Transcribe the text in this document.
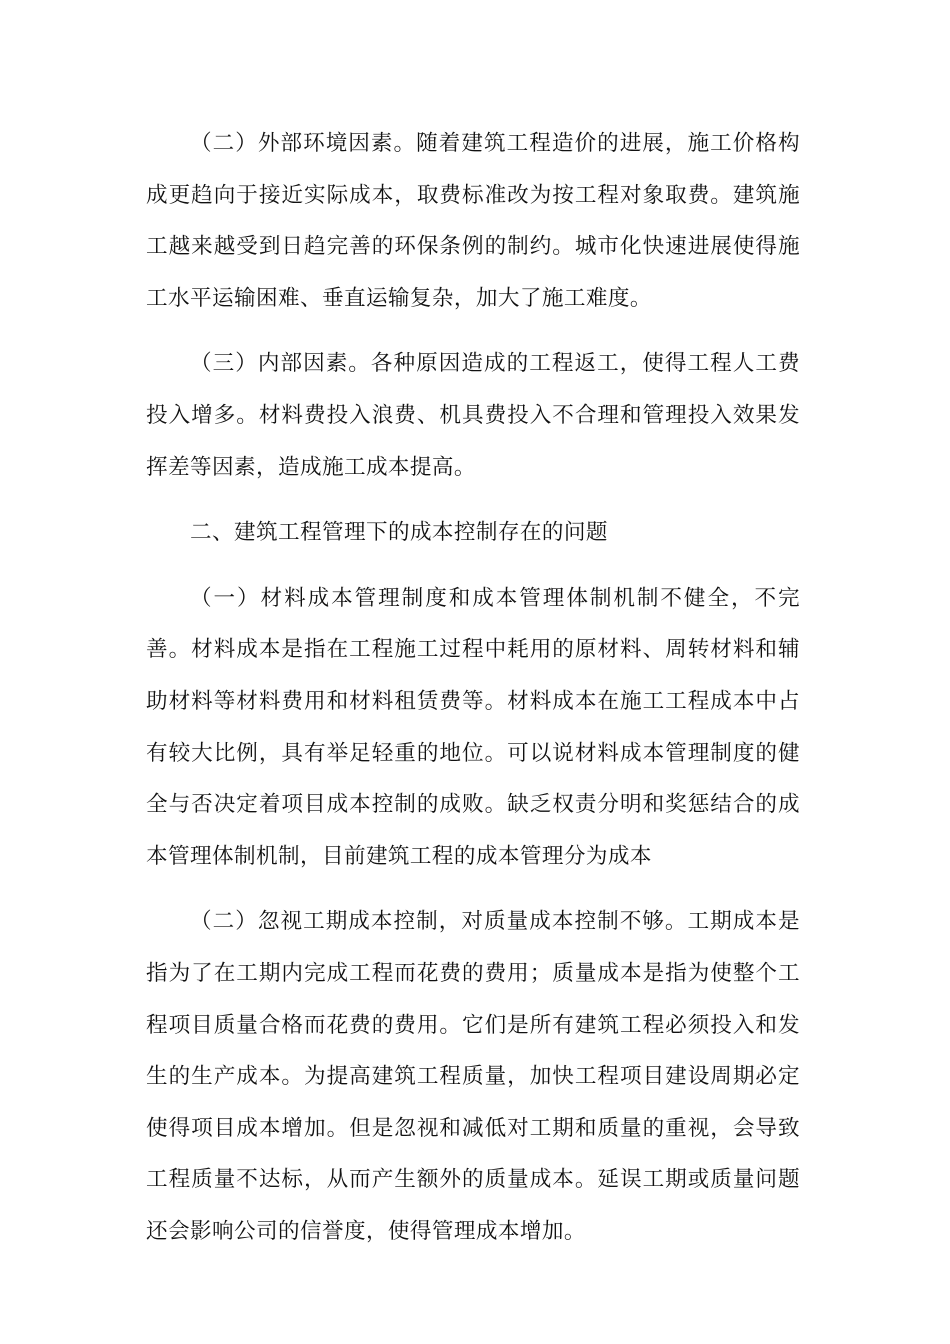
（二）外部环境因素。随着建筑工程造价的进展，施工价格构成更趋向于接近实际成本，取费标准改为按工程对象取费。建筑施工越来越受到日趋完善的环保条例的制约。城市化快速进展使得施工水平运输困难、垂直运输复杂，加大了施工难度。

（三）内部因素。各种原因造成的工程返工，使得工程人工费投入增多。材料费投入浪费、机具费投入不合理和管理投入效果发挥差等因素，造成施工成本提高。

二、建筑工程管理下的成本控制存在的问题

（一）材料成本管理制度和成本管理体制机制不健全，不完善。材料成本是指在工程施工过程中耗用的原材料、周转材料和辅助材料等材料费用和材料租赁费等。材料成本在施工工程成本中占有较大比例，具有举足轻重的地位。可以说材料成本管理制度的健全与否决定着项目成本控制的成败。缺乏权责分明和奖惩结合的成本管理体制机制，目前建筑工程的成本管理分为成本

（二）忽视工期成本控制，对质量成本控制不够。工期成本是指为了在工期内完成工程而花费的费用；质量成本是指为使整个工程项目质量合格而花费的费用。它们是所有建筑工程必须投入和发生的生产成本。为提高建筑工程质量，加快工程项目建设周期必定使得项目成本增加。但是忽视和减低对工期和质量的重视，会导致工程质量不达标，从而产生额外的质量成本。延误工期或质量问题还会影响公司的信誉度，使得管理成本增加。
